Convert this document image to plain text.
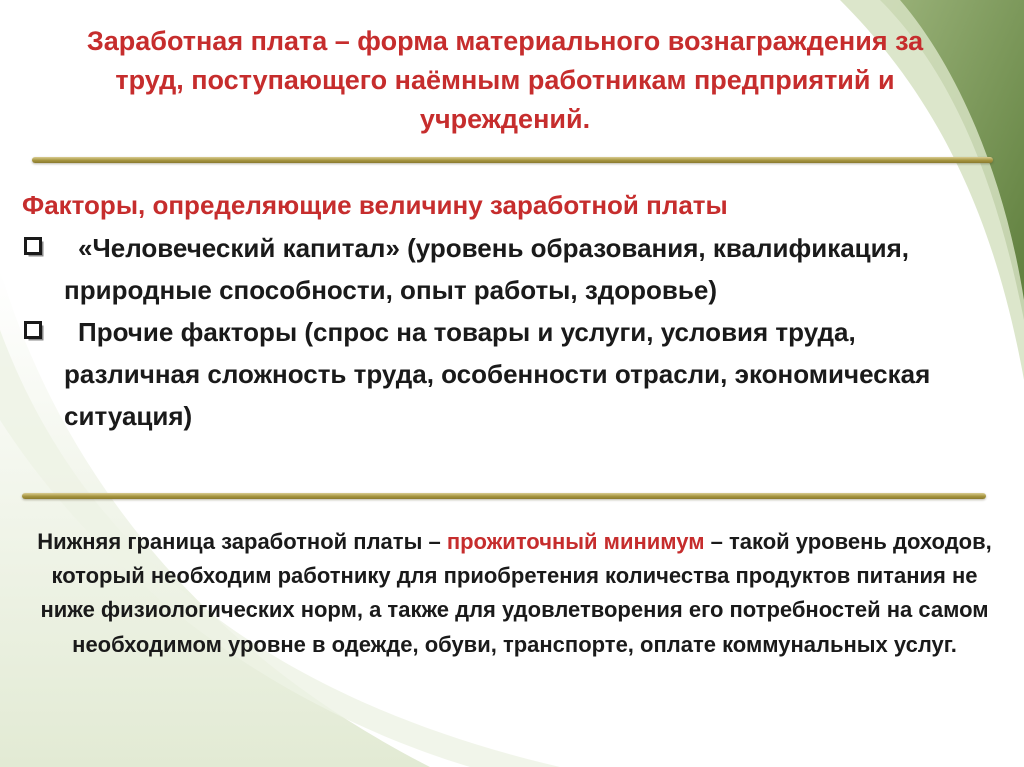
Заработная плата – форма материального вознаграждения за труд, поступающего наёмным работникам предприятий и учреждений.
Факторы, определяющие величину заработной платы
«Человеческий капитал» (уровень образования, квалификация, природные способности, опыт работы, здоровье)
Прочие факторы (спрос на товары и услуги, условия труда, различная сложность труда, особенности отрасли, экономическая ситуация)

Нижняя граница заработной платы – прожиточный минимум – такой уровень доходов, который необходим работнику для приобретения количества продуктов питания не ниже физиологических норм, а также для удовлетворения его потребностей на самом необходимом уровне в одежде, обуви, транспорте, оплате коммунальных услуг.
